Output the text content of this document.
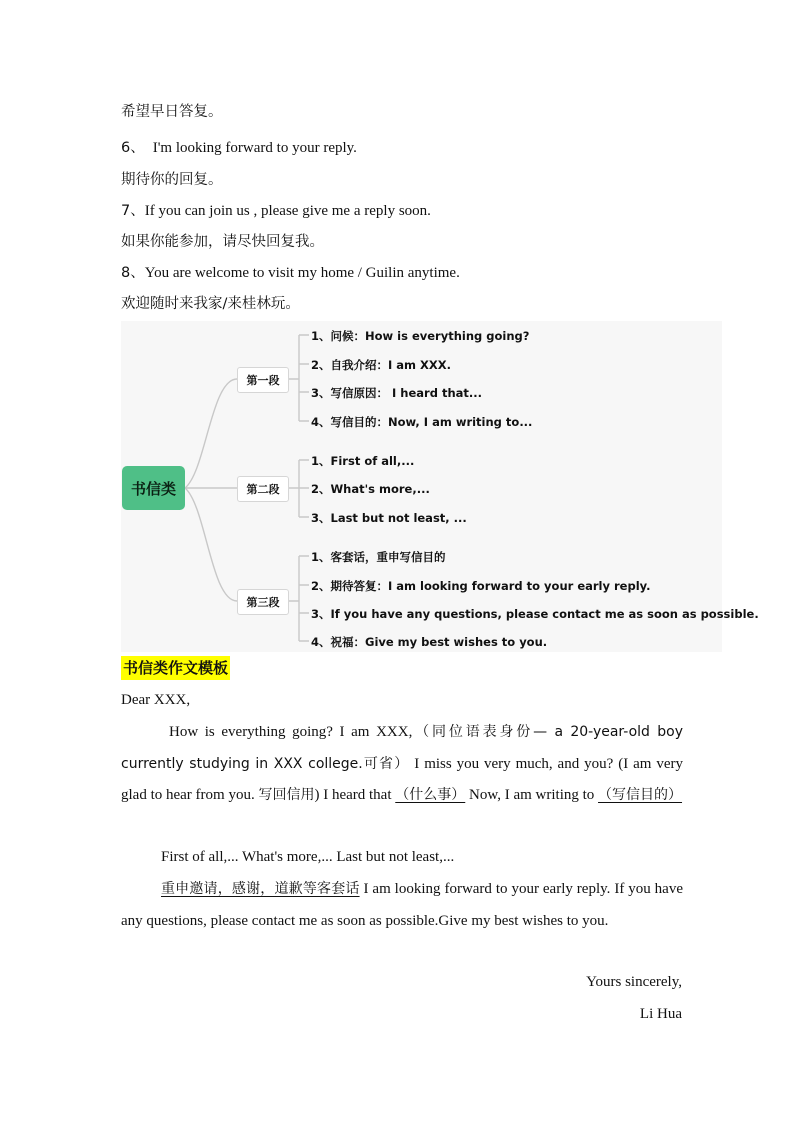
希望早日答复。
6、 I'm looking forward to your reply.
期待你的回复。
7、If you can join us , please give me a reply soon.
如果你能参加，请尽快回复我。
8、You are welcome to visit my home / Guilin anytime.
欢迎随时来我家/来桂林玩。
书信类
第一段
第二段
第三段
1、问候：How is everything going?
2、自我介绍：I am XXX.
3、写信原因： I heard that...
4、写信目的：Now, I am writing to...
1、First of all,...
2、What's more,...
3、Last but not least, ...
1、客套话，重申写信目的
2、期待答复：I am looking forward to your early reply.
3、If you have any questions, please contact me as soon as possible.
4、祝福：Give my best wishes to you.
书信类作文模板
Dear XXX,
How is everything going? I am XXX,（同位语表身份— a 20-year-old boy currently studying in XXX college.可省） I miss you very much, and you? (I am very glad to hear from you. 写回信用) I heard that （什么事） Now, I am writing to （写信目的）
First of all,... What's more,... Last but not least,...
重申邀请，感谢，道歉等客套话 I am looking forward to your early reply. If you have any questions, please contact me as soon as possible.Give my best wishes to you.
Yours sincerely,
Li Hua
